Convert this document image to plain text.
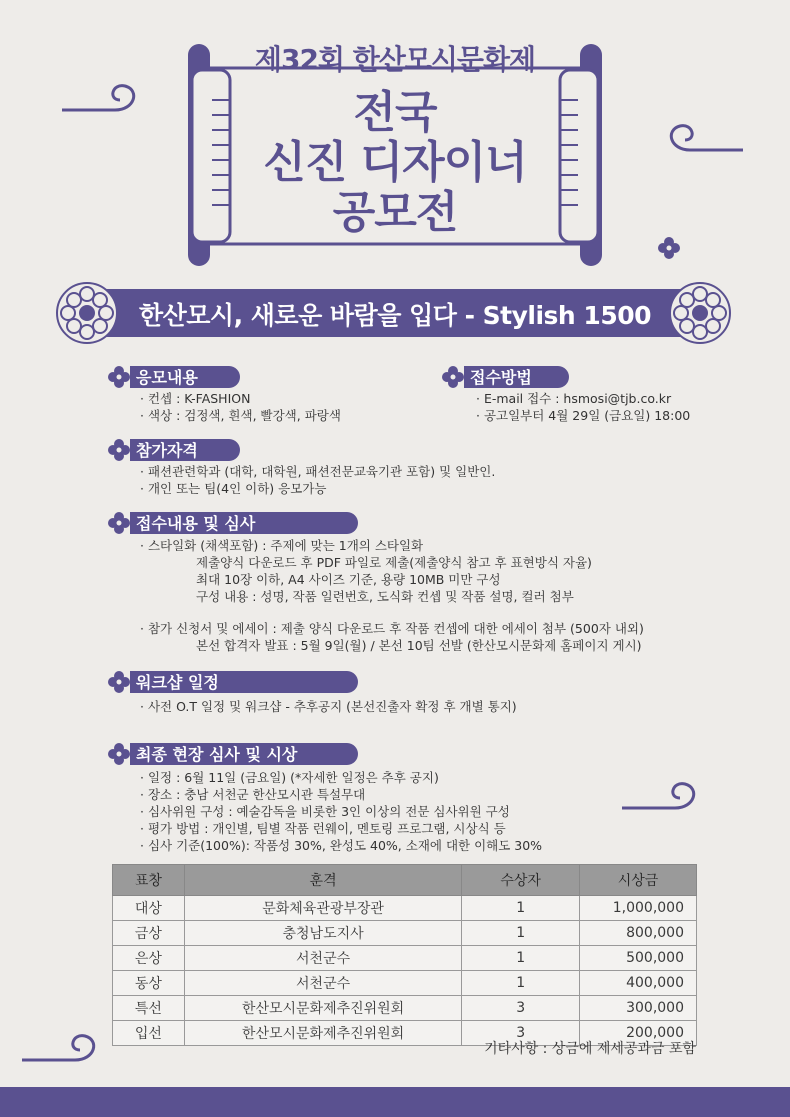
제32회 한산모시문화제
전국
신진 디자이너
공모전
한산모시, 새로운 바람을 입다 - Stylish 1500
응모내용
· 컨셉 : K-FASHION
· 색상 : 검정색, 흰색, 빨강색, 파랑색
접수방법
· E-mail 접수 : hsmosi@tjb.co.kr
· 공고일부터 4월 29일 (금요일) 18:00
참가자격
· 패션관련학과 (대학, 대학원, 패션전문교육기관 포함) 및 일반인.
· 개인 또는 팀(4인 이하) 응모가능
접수내용 및 심사
· 스타일화 (채색포함) : 주제에 맞는 1개의 스타일화
제출양식 다운로드 후 PDF 파일로 제출(제출양식 참고 후 표현방식 자율)
최대 10장 이하, A4 사이즈 기준, 용량 10MB 미만 구성
구성 내용 : 성명, 작품 일련번호, 도식화 컨셉 및 작품 설명, 컬러 첨부
· 참가 신청서 및 에세이 : 제출 양식 다운로드 후 작품 컨셉에 대한 에세이 첨부 (500자 내외)
본선 합격자 발표 : 5월 9일(월) / 본선 10팀 선발 (한산모시문화제 홈페이지 게시)
워크샵 일정
· 사전 O.T 일정 및 워크샵 - 추후공지 (본선진출자 확정 후 개별 통지)
최종 현장 심사 및 시상
· 일정 : 6월 11일 (금요일) (*자세한 일정은 추후 공지)
· 장소 : 충남 서천군 한산모시관 특설무대
· 심사위원 구성 : 예술감독을 비롯한 3인 이상의 전문 심사위원 구성
· 평가 방법 : 개인별, 팀별 작품 런웨이, 멘토링 프로그램, 시상식 등
· 심사 기준(100%): 작품성 30%, 완성도 40%, 소재에 대한 이해도 30%
표창	훈격	수상자	시상금
대상	문화체육관광부장관	1	1,000,000
금상	충청남도지사	1	800,000
은상	서천군수	1	500,000
동상	서천군수	1	400,000
특선	한산모시문화제추진위원회	3	300,000
입선	한산모시문화제추진위원회	3	200,000
기타사항 : 상금에 제세공과금 포함
